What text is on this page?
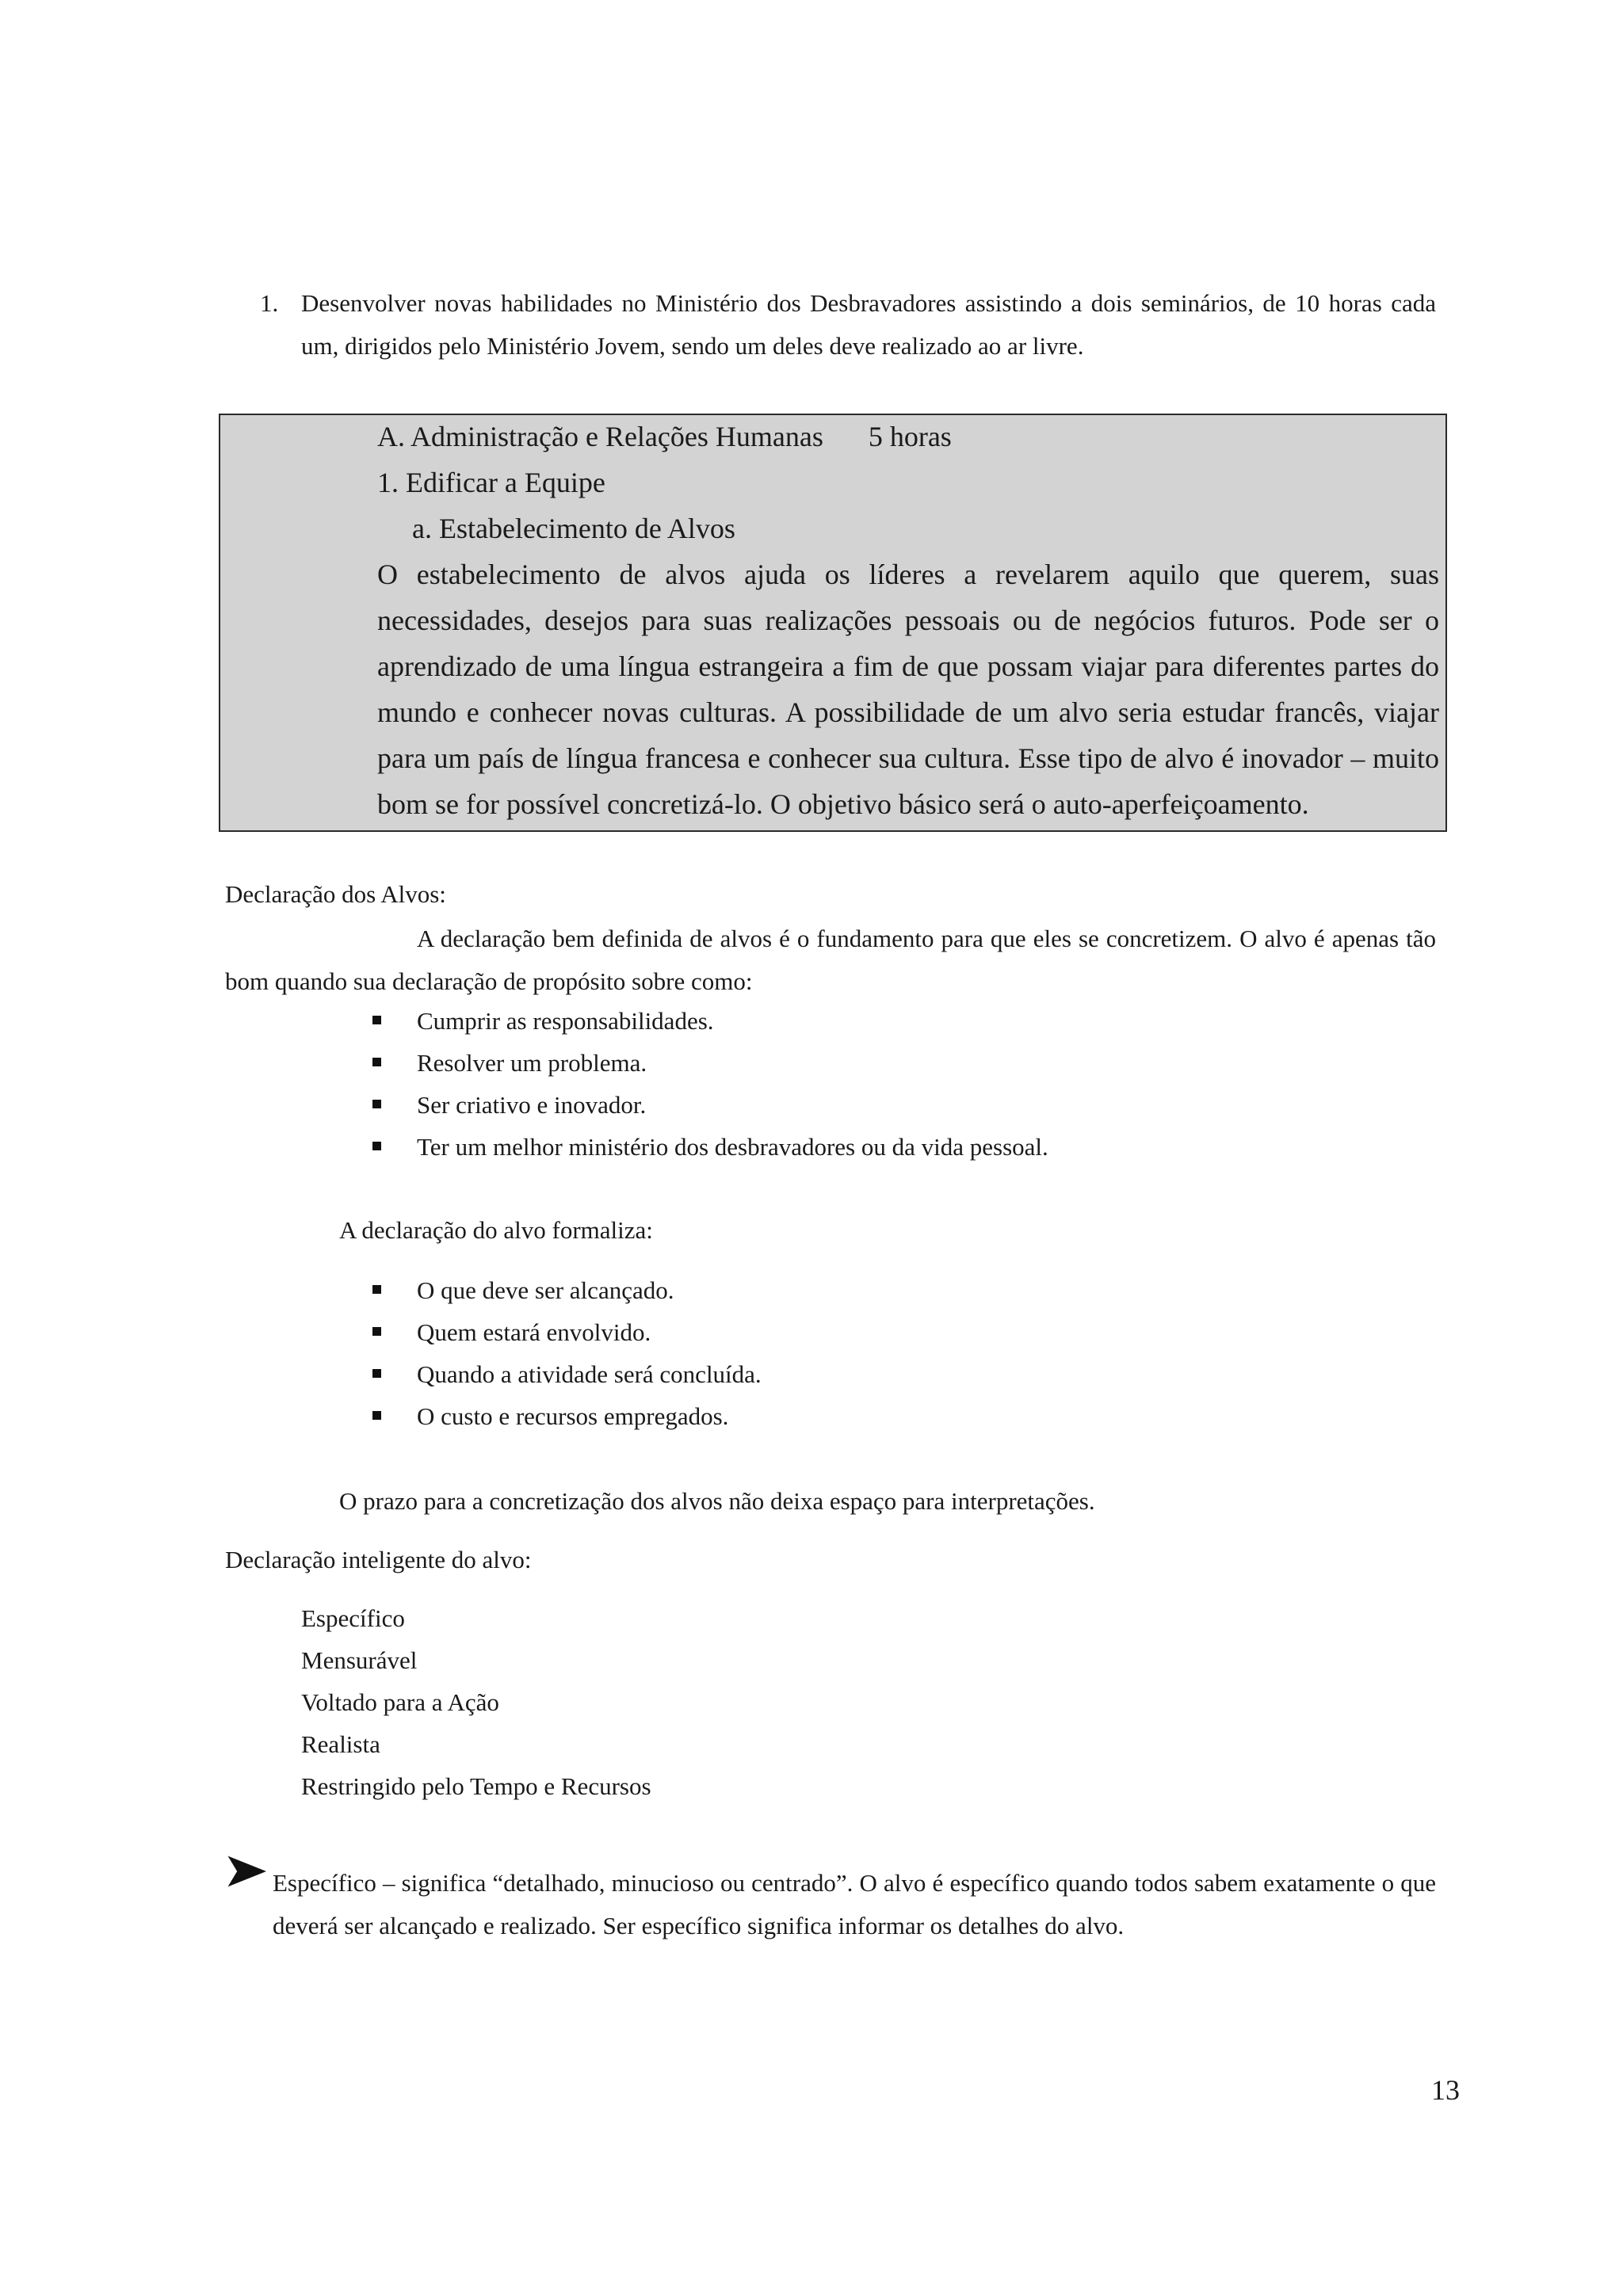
1. Desenvolver novas habilidades no Ministério dos Desbravadores assistindo a dois seminários, de 10 horas cada um, dirigidos pelo Ministério Jovem, sendo um deles deve realizado ao ar livre.
A. Administração e Relações Humanas 5 horas
1. Edificar a Equipe
a. Estabelecimento de Alvos
O estabelecimento de alvos ajuda os líderes a revelarem aquilo que querem, suas necessidades, desejos para suas realizações pessoais ou de negócios futuros. Pode ser o aprendizado de uma língua estrangeira a fim de que possam viajar para diferentes partes do mundo e conhecer novas culturas. A possibilidade de um alvo seria estudar francês, viajar para um país de língua francesa e conhecer sua cultura. Esse tipo de alvo é inovador – muito bom se for possível concretizá-lo. O objetivo básico será o auto-aperfeiçoamento.
Declaração dos Alvos:
A declaração bem definida de alvos é o fundamento para que eles se concretizem. O alvo é apenas tão bom quando sua declaração de propósito sobre como:
Cumprir as responsabilidades.
Resolver um problema.
Ser criativo e inovador.
Ter um melhor ministério dos desbravadores ou da vida pessoal.
A declaração do alvo formaliza:
O que deve ser alcançado.
Quem estará envolvido.
Quando a atividade será concluída.
O custo e recursos empregados.
O prazo para a concretização dos alvos não deixa espaço para interpretações.
Declaração inteligente do alvo:
Específico
Mensurável
Voltado para a Ação
Realista
Restringido pelo Tempo e Recursos
Específico – significa “detalhado, minucioso ou centrado”. O alvo é específico quando todos sabem exatamente o que deverá ser alcançado e realizado. Ser específico significa informar os detalhes do alvo.
13
